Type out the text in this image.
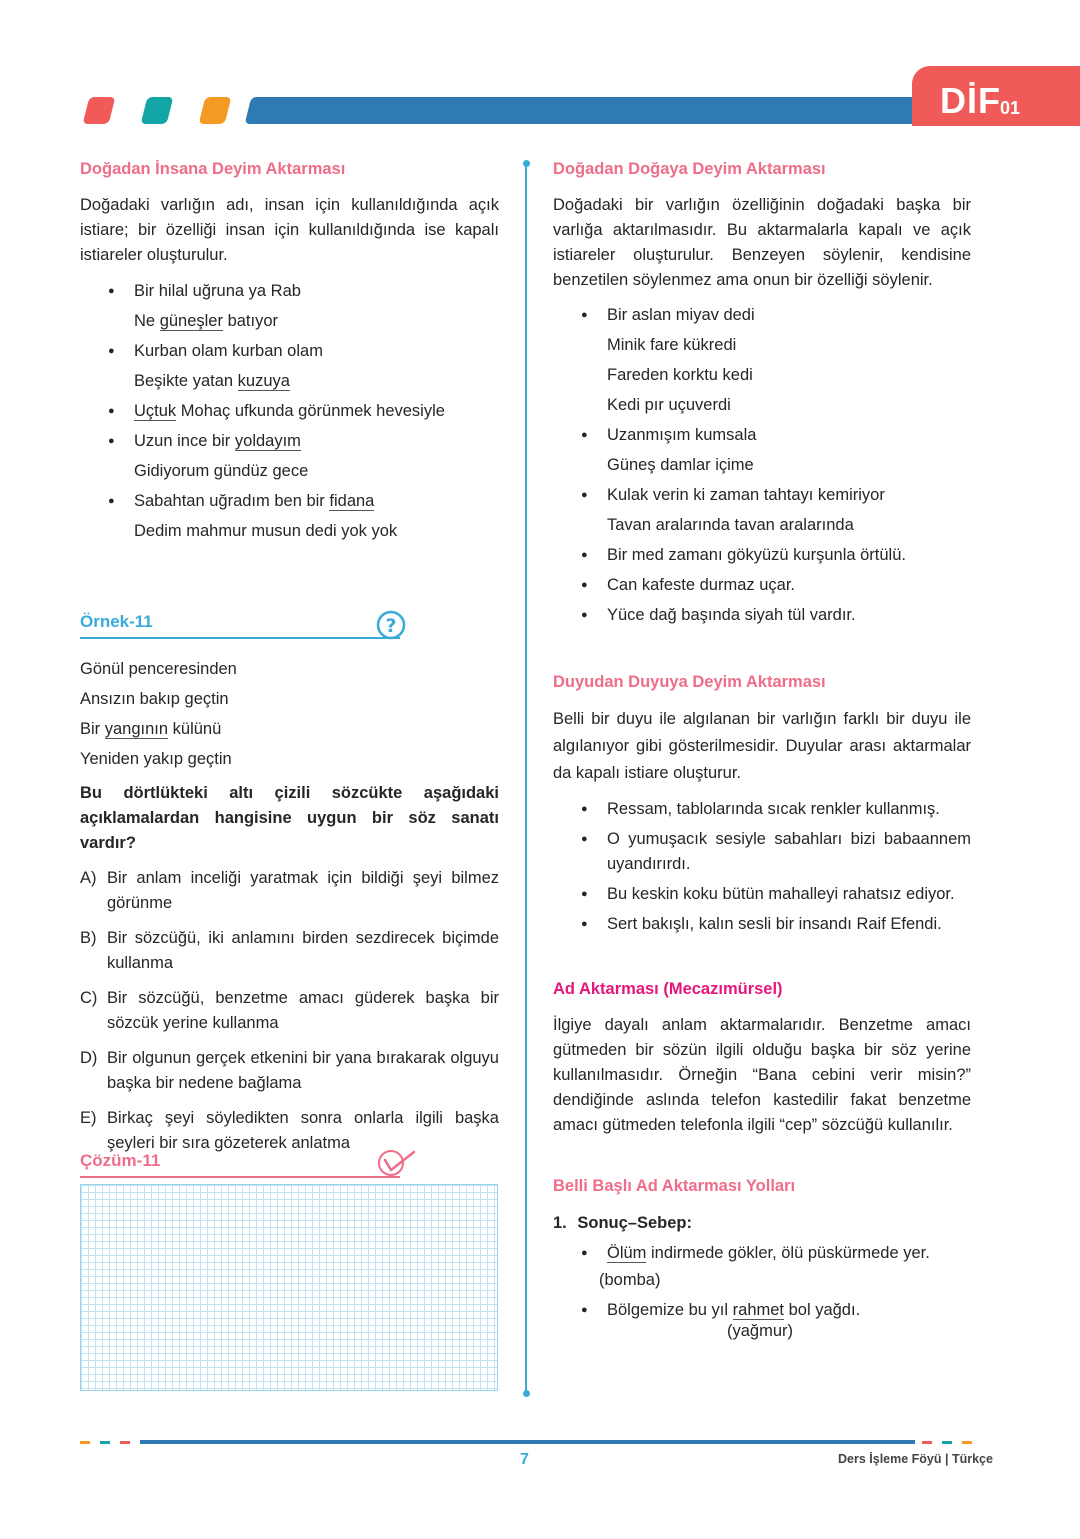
DİF 01
Doğadan İnsana Deyim Aktarması
Doğadaki varlığın adı, insan için kullanıldığında açık istiare; bir özelliği insan için kullanıldığında ise kapalı istiareler oluşturulur.
● Bir hilal uğruna ya Rab
Ne güneşler batıyor
● Kurban olam kurban olam
Beşikte yatan kuzuya
● Uçtuk Mohaç ufkunda görünmek hevesiyle
● Uzun ince bir yoldayım
Gidiyorum gündüz gece
● Sabahtan uğradım ben bir fidana
Dedim mahmur musun dedi yok yok
Örnek-11	?
Gönül penceresinden
Ansızın bakıp geçtin
Bir yangının külünü
Yeniden yakıp geçtin
Bu dörtlükteki altı çizili sözcükte aşağıdaki açıklamalardan hangisine uygun bir söz sanatı vardır?
A) Bir anlam inceliği yaratmak için bildiği şeyi bilmez görünme
B) Bir sözcüğü, iki anlamını birden sezdirecek biçimde kullanma
C) Bir sözcüğü, benzetme amacı güderek başka bir sözcük yerine kullanma
D) Bir olgunun gerçek etkenini bir yana bırakarak olguyu başka bir nedene bağlama
E) Birkaç şeyi söyledikten sonra onlarla ilgili başka şeyleri bir sıra gözeterek anlatma
Çözüm-11
Doğadan Doğaya Deyim Aktarması
Doğadaki bir varlığın özelliğinin doğadaki başka bir varlığa aktarılmasıdır. Bu aktarmalarla kapalı ve açık istiareler oluşturulur. Benzeyen söylenir, kendisine benzetilen söylenmez ama onun bir özelliği söylenir.
● Bir aslan miyav dedi
Minik fare kükredi
Fareden korktu kedi
Kedi pır uçuverdi
● Uzanmışım kumsala
Güneş damlar içime
● Kulak verin ki zaman tahtayı kemiriyor
Tavan aralarında tavan aralarında
● Bir med zamanı gökyüzü kurşunla örtülü.
● Can kafeste durmaz uçar.
● Yüce dağ başında siyah tül vardır.
Duyudan Duyuya Deyim Aktarması
Belli bir duyu ile algılanan bir varlığın farklı bir duyu ile algılanıyor gibi gösterilmesidir. Duyular arası aktarmalar da kapalı istiare oluşturur.
● Ressam, tablolarında sıcak renkler kullanmış.
● O yumuşacık sesiyle sabahları bizi babaannem uyandırırdı.
● Bu keskin koku bütün mahalleyi rahatsız ediyor.
● Sert bakışlı, kalın sesli bir insandı Raif Efendi.
Ad Aktarması (Mecazımürsel)
İlgiye dayalı anlam aktarmalarıdır. Benzetme amacı gütmeden bir sözün ilgili olduğu başka bir söz yerine kullanılmasıdır. Örneğin “Bana cebini verir misin?” dendiğinde aslında telefon kastedilir fakat benzetme amacı gütmeden telefonla ilgili “cep” sözcüğü kullanılır.
Belli Başlı Ad Aktarması Yolları
1. Sonuç–Sebep:
● Ölüm indirmede gökler, ölü püskürmede yer.
(bomba)
● Bölgemize bu yıl rahmet bol yağdı.
(yağmur)
7	Ders İşleme Föyü | Türkçe
